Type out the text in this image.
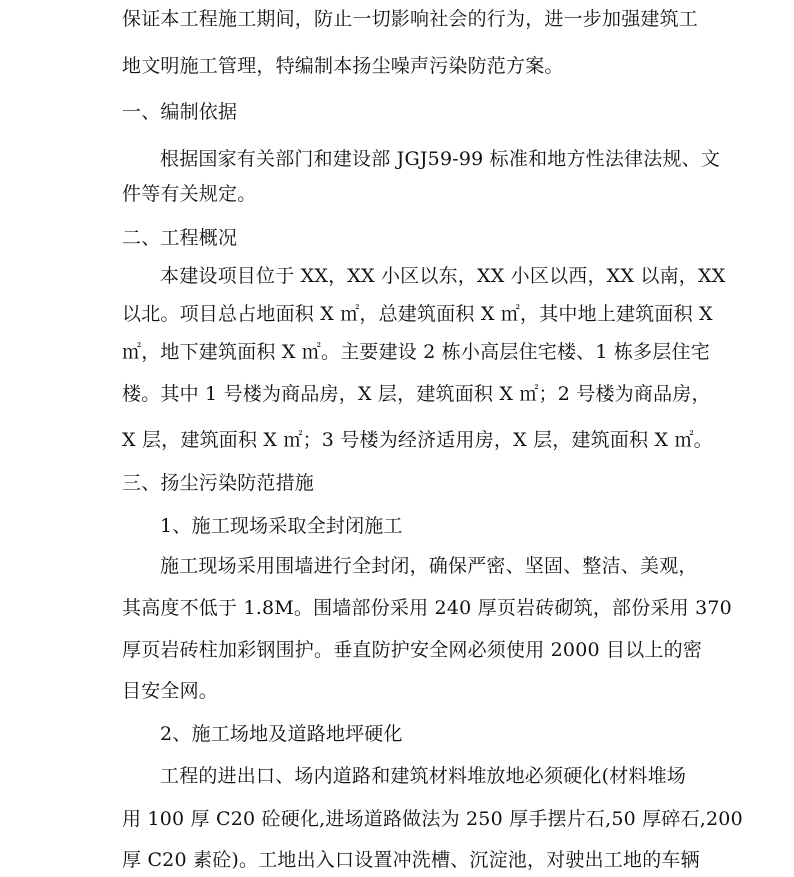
保证本工程施工期间，防止一切影响社会的行为，进一步加强建筑工
地文明施工管理，特编制本扬尘噪声污染防范方案。
一、编制依据
根据国家有关部门和建设部 JGJ59-99 标准和地方性法律法规、文
件等有关规定。
二、工程概况
本建设项目位于 XX，XX 小区以东，XX 小区以西，XX 以南，XX
以北。项目总占地面积 X ㎡，总建筑面积 X ㎡，其中地上建筑面积 X
㎡，地下建筑面积 X ㎡。主要建设 2 栋小高层住宅楼、1 栋多层住宅
楼。其中 1 号楼为商品房，X 层，建筑面积 X ㎡；2 号楼为商品房，
X 层，建筑面积 X ㎡；3 号楼为经济适用房，X 层，建筑面积 X ㎡。
三、扬尘污染防范措施
1、施工现场采取全封闭施工
施工现场采用围墙进行全封闭，确保严密、坚固、整洁、美观，
其高度不低于 1.8M。围墙部份采用 240 厚页岩砖砌筑，部份采用 370
厚页岩砖柱加彩钢围护。垂直防护安全网必须使用 2000 目以上的密
目安全网。
2、施工场地及道路地坪硬化
工程的进出口、场内道路和建筑材料堆放地必须硬化(材料堆场
用 100 厚 C20 砼硬化,进场道路做法为 250 厚手摆片石,50 厚碎石,200
厚 C20 素砼)。工地出入口设置冲洗槽、沉淀池，对驶出工地的车辆
